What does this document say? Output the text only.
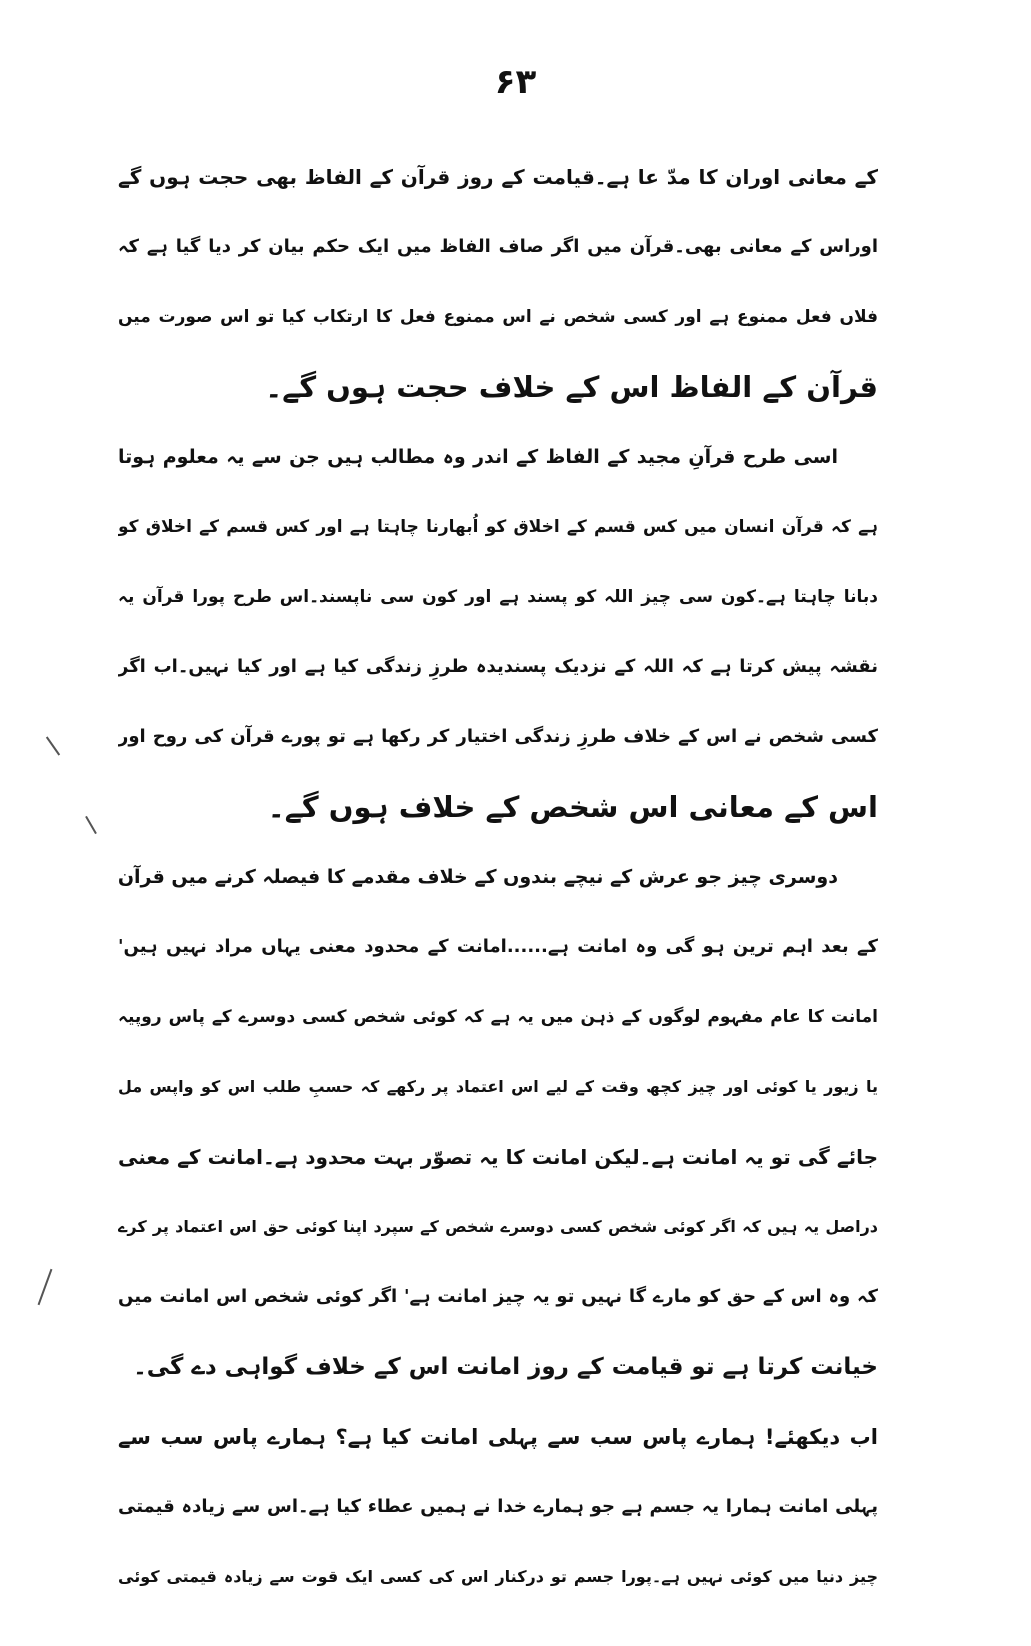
۶۳
کے معانی اوران کا مدّ عا ہے۔قیامت کے روز قرآن کے الفاظ بھی حجت ہوں گے
اوراس کے معانی بھی۔قرآن میں اگر صاف الفاظ میں ایک حکم بیان کر دیا گیا ہے کہ
فلاں فعل ممنوع ہے اور کسی شخص نے اس ممنوع فعل کا ارتکاب کیا تو اس صورت میں
قرآن کے الفاظ اس کے خلاف حجت ہوں گے۔
اسی طرح قرآنِ مجید کے الفاظ کے اندر وہ مطالب ہیں جن سے یہ معلوم ہوتا
ہے کہ قرآن انسان میں کس قسم کے اخلاق کو اُبھارنا چاہتا ہے اور کس قسم کے اخلاق کو
دبانا چاہتا ہے۔کون سی چیز اللہ کو پسند ہے اور کون سی ناپسند۔اس طرح پورا قرآن یہ
نقشہ پیش کرتا ہے کہ اللہ کے نزدیک پسندیدہ طرزِ زندگی کیا ہے اور کیا نہیں۔اب اگر
کسی شخص نے اس کے خلاف طرزِ زندگی اختیار کر رکھا ہے تو پورے قرآن کی روح اور
اس کے معانی اس شخص کے خلاف ہوں گے۔
دوسری چیز جو عرش کے نیچے بندوں کے خلاف مقدمے کا فیصلہ کرنے میں قرآن
کے بعد اہم ترین ہو گی وہ امانت ہے......امانت کے محدود معنی یہاں مراد نہیں ہیں'
امانت کا عام مفہوم لوگوں کے ذہن میں یہ ہے کہ کوئی شخص کسی دوسرے کے پاس روپیہ
یا زیور یا کوئی اور چیز کچھ وقت کے لیے اس اعتماد پر رکھے کہ حسبِ طلب اس کو واپس مل
جائے گی تو یہ امانت ہے۔لیکن امانت کا یہ تصوّر بہت محدود ہے۔امانت کے معنی
دراصل یہ ہیں کہ اگر کوئی شخص کسی دوسرے شخص کے سپرد اپنا کوئی حق اس اعتماد پر کرے
کہ وہ اس کے حق کو مارے گا نہیں تو یہ چیز امانت ہے' اگر کوئی شخص اس امانت میں
خیانت کرتا ہے تو قیامت کے روز امانت اس کے خلاف گواہی دے گی۔
اب دیکھئے! ہمارے پاس سب سے پہلی امانت کیا ہے؟ ہمارے پاس سب سے
پہلی امانت ہمارا یہ جسم ہے جو ہمارے خدا نے ہمیں عطاء کیا ہے۔اس سے زیادہ قیمتی
چیز دنیا میں کوئی نہیں ہے۔پورا جسم تو درکنار اس کی کسی ایک قوت سے زیادہ قیمتی کوئی
